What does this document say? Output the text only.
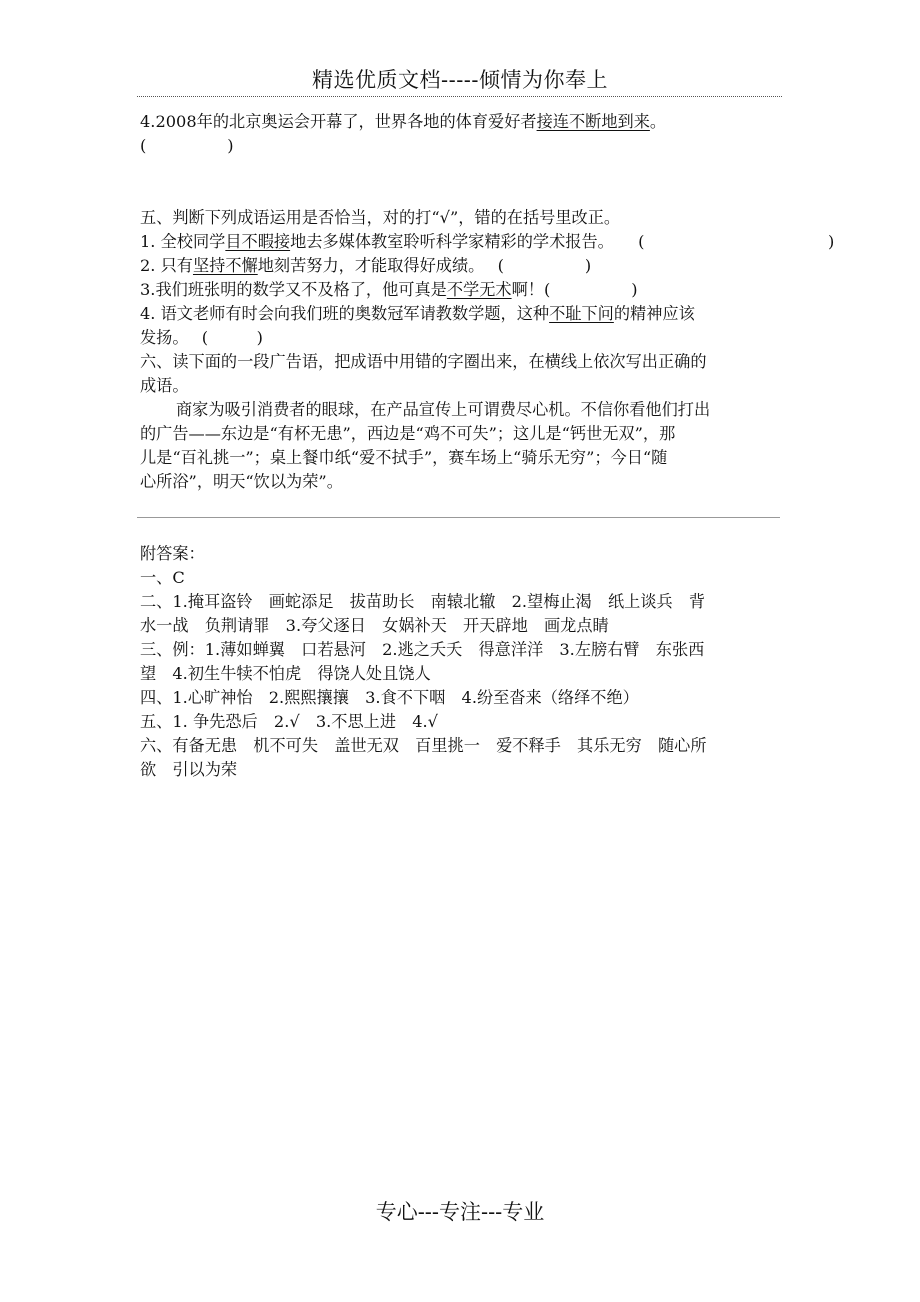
精选优质文档-----倾情为你奉上
4.2008年的北京奥运会开幕了，世界各地的体育爱好者接连不断地到来。
(　　　　　)
五、判断下列成语运用是否恰当，对的打“√”，错的在括号里改正。
1. 全校同学目不暇接地去多媒体教室聆听科学家精彩的学术报告。　　(	)
2. 只有坚持不懈地刻苦努力，才能取得好成绩。　 (　　　　　)
3.我们班张明的数学又不及格了，他可真是不学无术啊！(　　　　　)
4. 语文老师有时会向我们班的奥数冠军请教数学题，这种不耻下问的精神应该
发扬。　 (　　　)
六、读下面的一段广告语，把成语中用错的字圈出来，在横线上依次写出正确的
成语。
商家为吸引消费者的眼球，在产品宣传上可谓费尽心机。不信你看他们打出
的广告——东边是“有杯无患”，西边是“鸡不可失”；这儿是“钙世无双”，那
儿是“百礼挑一”；桌上餐巾纸“爱不拭手”，赛车场上“骑乐无穷”；今日“随
心所浴”，明天“饮以为荣”。
附答案：
一、C
二、1.掩耳盗铃　画蛇添足　拔苗助长　南辕北辙　2.望梅止渴　纸上谈兵　背
水一战　负荆请罪　3.夸父逐日　女娲补天　开天辟地　画龙点睛
三、例：1.薄如蝉翼　口若悬河　2.逃之夭夭　得意洋洋　3.左膀右臂　东张西
望　4.初生牛犊不怕虎　得饶人处且饶人
四、1.心旷神怡　2.熙熙攘攘　3.食不下咽　4.纷至沓来（络绎不绝）
五、1. 争先恐后　2.√　3.不思上进　4.√
六、有备无患　机不可失　盖世无双　百里挑一　爱不释手　其乐无穷　随心所
欲　引以为荣
专心---专注---专业
